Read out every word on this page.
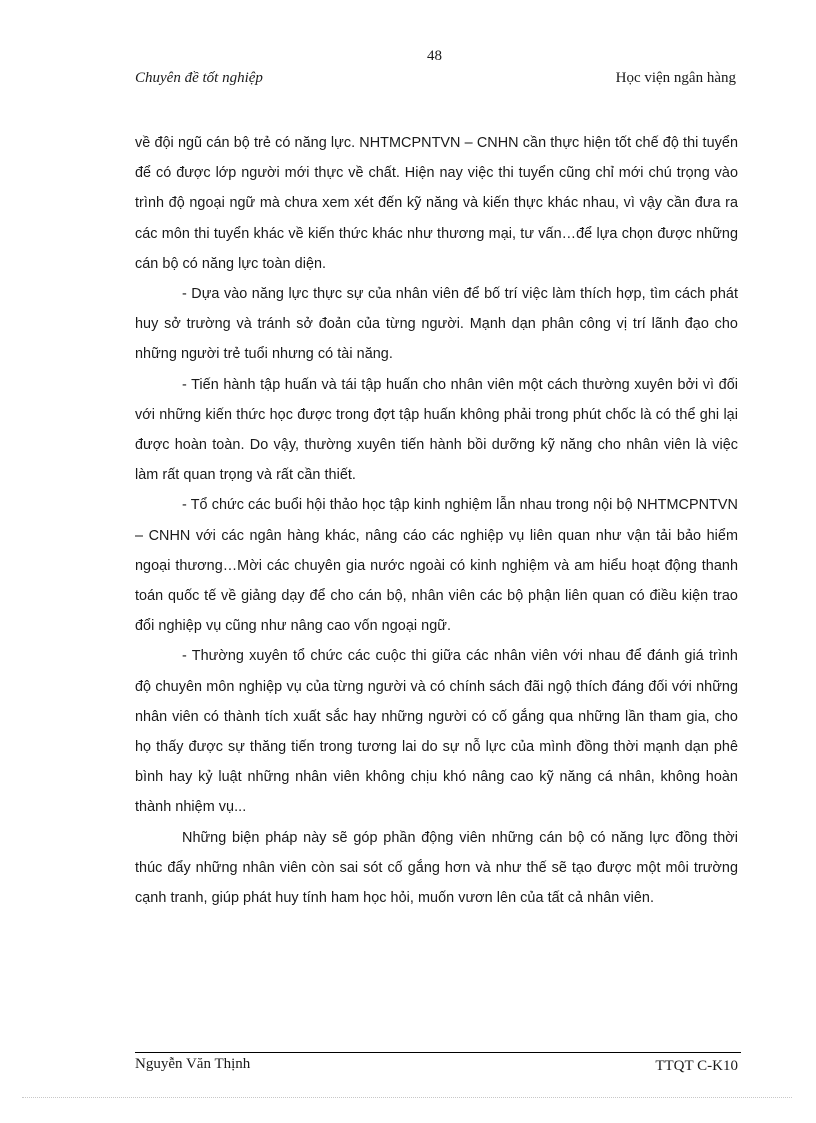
48
Chuyên đề tốt nghiệp	Học viện ngân hàng

về đội ngũ cán bộ trẻ có năng lực. NHTMCPNTVN – CNHN cần thực hiện tốt chế độ thi tuyển để có được lớp người mới thực về chất. Hiện nay việc thi tuyển cũng chỉ mới chú trọng vào trình độ ngoại ngữ mà chưa xem xét đến kỹ năng và kiến thực khác nhau, vì vậy cần đưa ra các môn thi tuyển khác về kiến thức khác như thương mại, tư vấn…để lựa chọn được những cán bộ có năng lực toàn diện.

- Dựa vào năng lực thực sự của nhân viên để bố trí việc làm thích hợp, tìm cách phát huy sở trường và tránh sở đoản của từng người. Mạnh dạn phân công vị trí lãnh đạo cho những người trẻ tuổi nhưng có tài năng.

- Tiến hành tập huấn và tái tập huấn cho nhân viên một cách thường xuyên bởi vì đối với những kiến thức học được trong đợt tập huấn không phải trong phút chốc là có thể ghi lại được hoàn toàn. Do vậy, thường xuyên tiến hành bồi dưỡng kỹ năng cho nhân viên là việc làm rất quan trọng và rất cần thiết.

- Tổ chức các buổi hội thảo học tập kinh nghiệm lẫn nhau trong nội bộ NHTMCPNTVN – CNHN với các ngân hàng khác, nâng cáo các nghiệp vụ liên quan như vận tải bảo hiểm ngoại thương…Mời các chuyên gia nước ngoài có kinh nghiệm và am hiểu hoạt động thanh toán quốc tế về giảng dạy để cho cán bộ, nhân viên các bộ phận liên quan có điều kiện trao đổi nghiệp vụ cũng như nâng cao vốn ngoại ngữ.

- Thường xuyên tổ chức các cuộc thi giữa các nhân viên với nhau để đánh giá trình độ chuyên môn nghiệp vụ của từng người và có chính sách đãi ngộ thích đáng đối với những nhân viên có thành tích xuất sắc hay những người có cố gắng qua những lần tham gia, cho họ thấy được sự thăng tiến trong tương lai do sự nỗ lực của mình đồng thời mạnh dạn phê bình hay kỷ luật những nhân viên không chịu khó nâng cao kỹ năng cá nhân, không hoàn thành nhiệm vụ...

Những biện pháp này sẽ góp phần động viên những cán bộ có năng lực đồng thời thúc đẩy những nhân viên còn sai sót cố gắng hơn và như thế sẽ tạo được một môi trường cạnh tranh, giúp phát huy tính ham học hỏi, muốn vươn lên của tất cả nhân viên.

Nguyễn Văn Thịnh	TTQT C-K10
